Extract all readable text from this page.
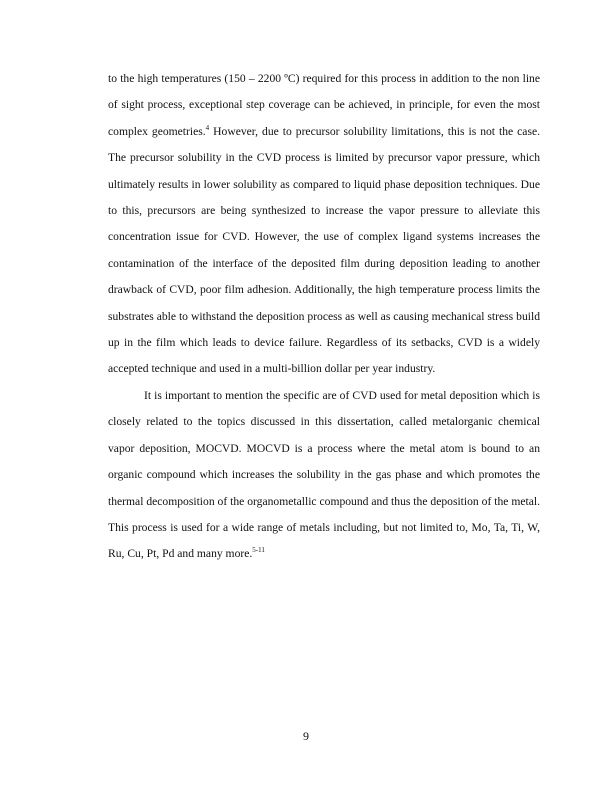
to the high temperatures (150 – 2200 ºC) required for this process in addition to the non line of sight process, exceptional step coverage can be achieved, in principle, for even the most complex geometries.$^4$ However, due to precursor solubility limitations, this is not the case. The precursor solubility in the CVD process is limited by precursor vapor pressure, which ultimately results in lower solubility as compared to liquid phase deposition techniques. Due to this, precursors are being synthesized to increase the vapor pressure to alleviate this concentration issue for CVD. However, the use of complex ligand systems increases the contamination of the interface of the deposited film during deposition leading to another drawback of CVD, poor film adhesion. Additionally, the high temperature process limits the substrates able to withstand the deposition process as well as causing mechanical stress build up in the film which leads to device failure. Regardless of its setbacks, CVD is a widely accepted technique and used in a multi-billion dollar per year industry.

It is important to mention the specific are of CVD used for metal deposition which is closely related to the topics discussed in this dissertation, called metalorganic chemical vapor deposition, MOCVD. MOCVD is a process where the metal atom is bound to an organic compound which increases the solubility in the gas phase and which promotes the thermal decomposition of the organometallic compound and thus the deposition of the metal. This process is used for a wide range of metals including, but not limited to, Mo, Ta, Ti, W, Ru, Cu, Pt, Pd and many more.$^{5-11}$

9
